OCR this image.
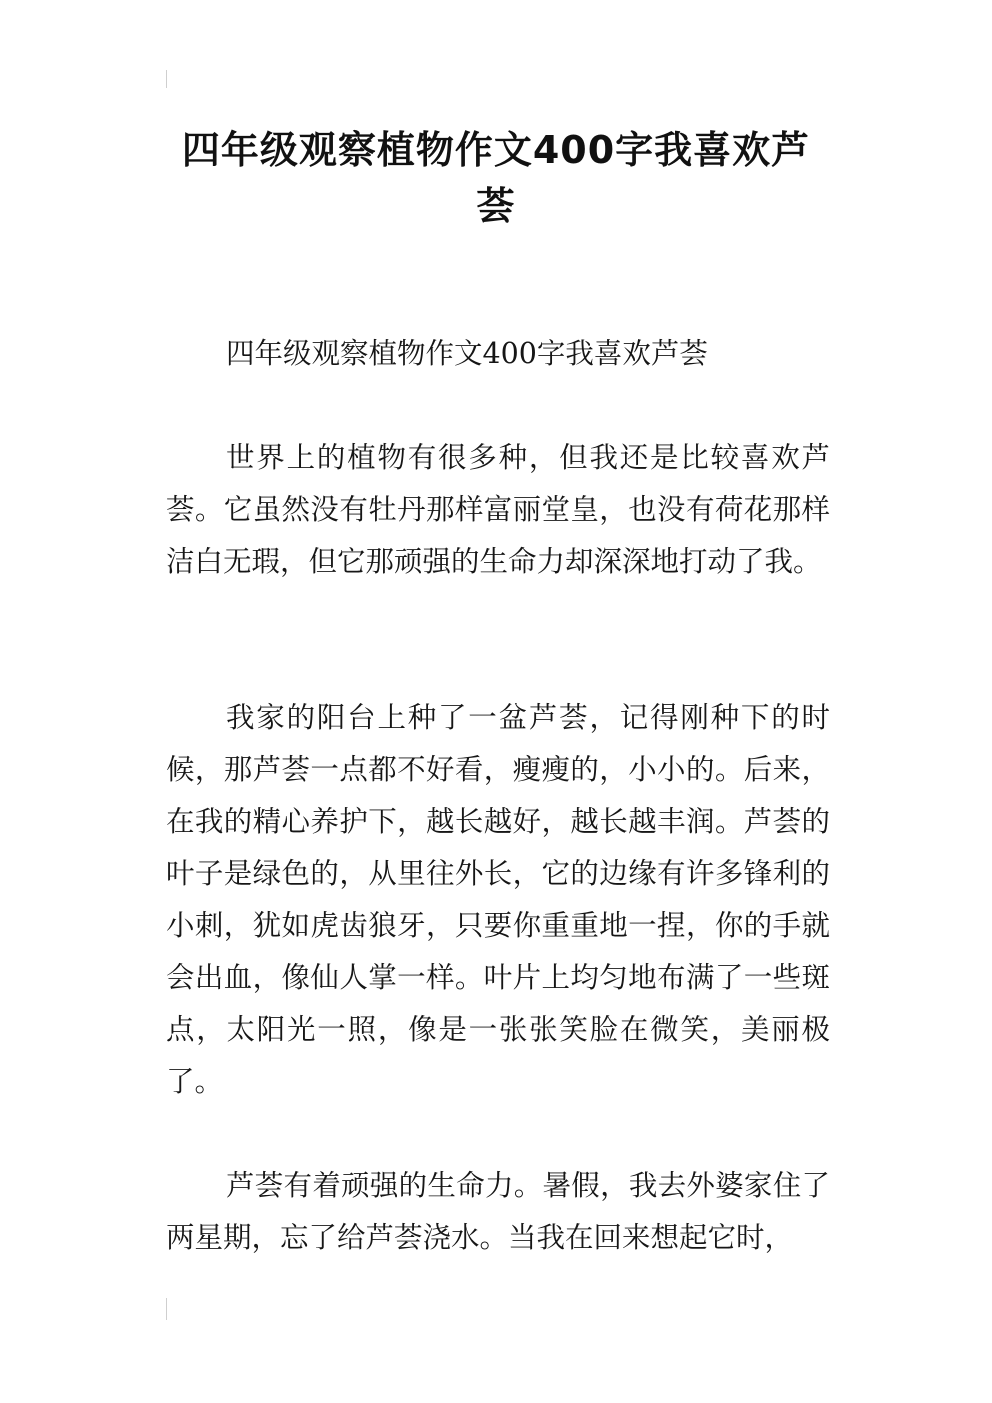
四年级观察植物作文400字我喜欢芦荟

四年级观察植物作文400字我喜欢芦荟

世界上的植物有很多种，但我还是比较喜欢芦荟。它虽然没有牡丹那样富丽堂皇，也没有荷花那样洁白无瑕，但它那顽强的生命力却深深地打动了我。

我家的阳台上种了一盆芦荟，记得刚种下的时候，那芦荟一点都不好看，瘦瘦的，小小的。后来，在我的精心养护下，越长越好，越长越丰润。芦荟的叶子是绿色的，从里往外长，它的边缘有许多锋利的小刺，犹如虎齿狼牙，只要你重重地一捏，你的手就会出血，像仙人掌一样。叶片上均匀地布满了一些斑点，太阳光一照，像是一张张笑脸在微笑，美丽极了。

芦荟有着顽强的生命力。暑假，我去外婆家住了两星期，忘了给芦荟浇水。当我在回来想起它时，
